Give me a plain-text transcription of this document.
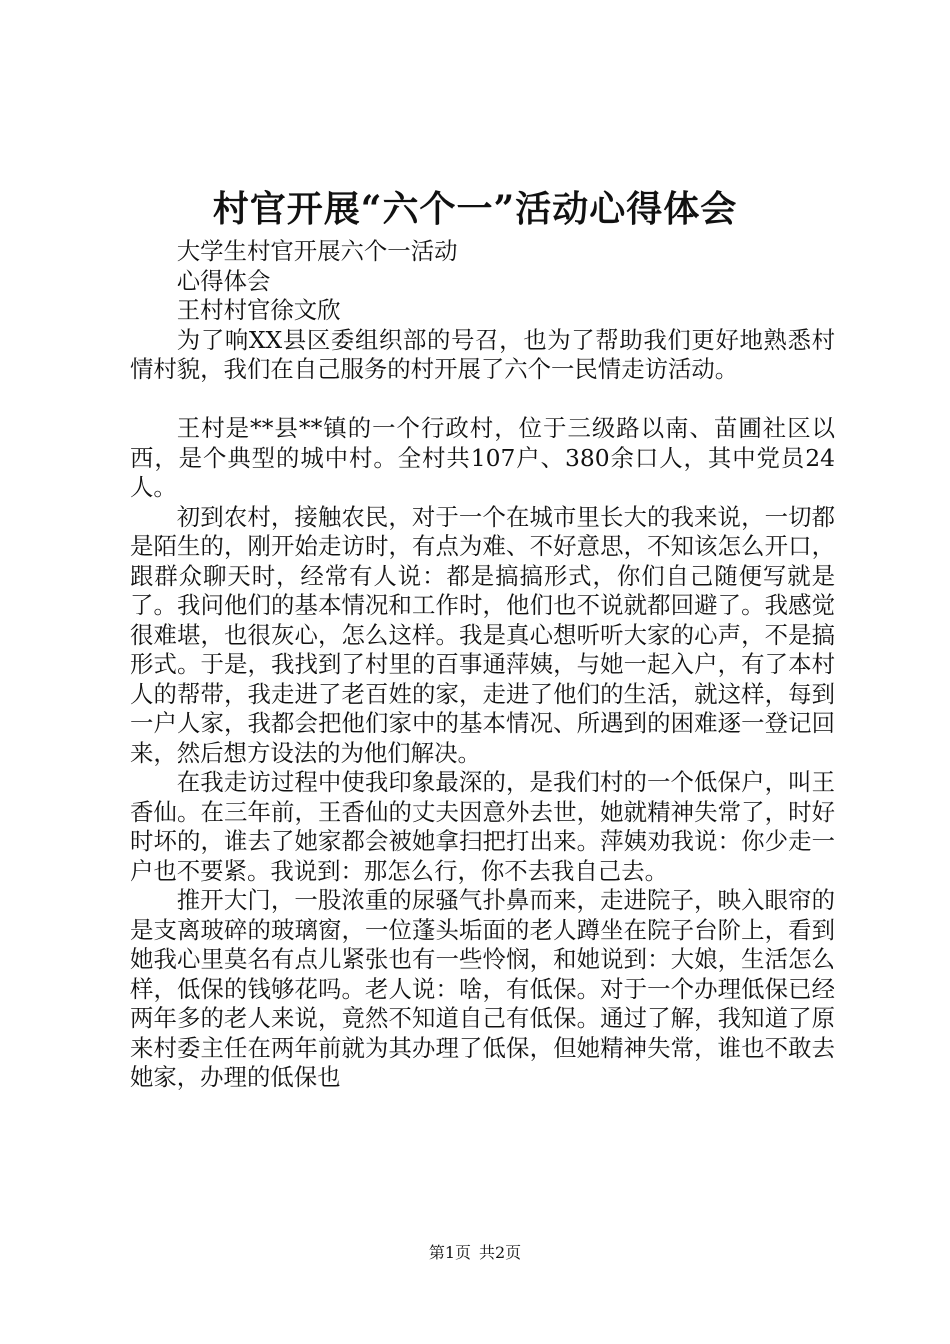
村官开展“六个一”活动心得体会

大学生村官开展六个一活动

心得体会

王村村官徐文欣

为了响XX县区委组织部的号召，也为了帮助我们更好地熟悉村情村貌，我们在自己服务的村开展了六个一民情走访活动。

王村是**县**镇的一个行政村，位于三级路以南、苗圃社区以西，是个典型的城中村。全村共107户、380余口人，其中党员24人。

初到农村，接触农民，对于一个在城市里长大的我来说，一切都是陌生的，刚开始走访时，有点为难、不好意思，不知该怎么开口，跟群众聊天时，经常有人说：都是搞搞形式，你们自己随便写就是了。我问他们的基本情况和工作时，他们也不说就都回避了。我感觉很难堪，也很灰心，怎么这样。我是真心想听听大家的心声，不是搞形式。于是，我找到了村里的百事通萍姨，与她一起入户，有了本村人的帮带，我走进了老百姓的家，走进了他们的生活，就这样，每到一户人家，我都会把他们家中的基本情况、所遇到的困难逐一登记回来，然后想方设法的为他们解决。

在我走访过程中使我印象最深的，是我们村的一个低保户，叫王香仙。在三年前，王香仙的丈夫因意外去世，她就精神失常了，时好时坏的，谁去了她家都会被她拿扫把打出来。萍姨劝我说：你少走一户也不要紧。我说到：那怎么行，你不去我自己去。

推开大门，一股浓重的尿骚气扑鼻而来，走进院子，映入眼帘的是支离玻碎的玻璃窗，一位蓬头垢面的老人蹲坐在院子台阶上，看到她我心里莫名有点儿紧张也有一些怜悯，和她说到：大娘，生活怎么样，低保的钱够花吗。老人说：啥，有低保。对于一个办理低保已经两年多的老人来说，竟然不知道自己有低保。通过了解，我知道了原来村委主任在两年前就为其办理了低保，但她精神失常，谁也不敢去她家，办理的低保也

第1页 共2页
